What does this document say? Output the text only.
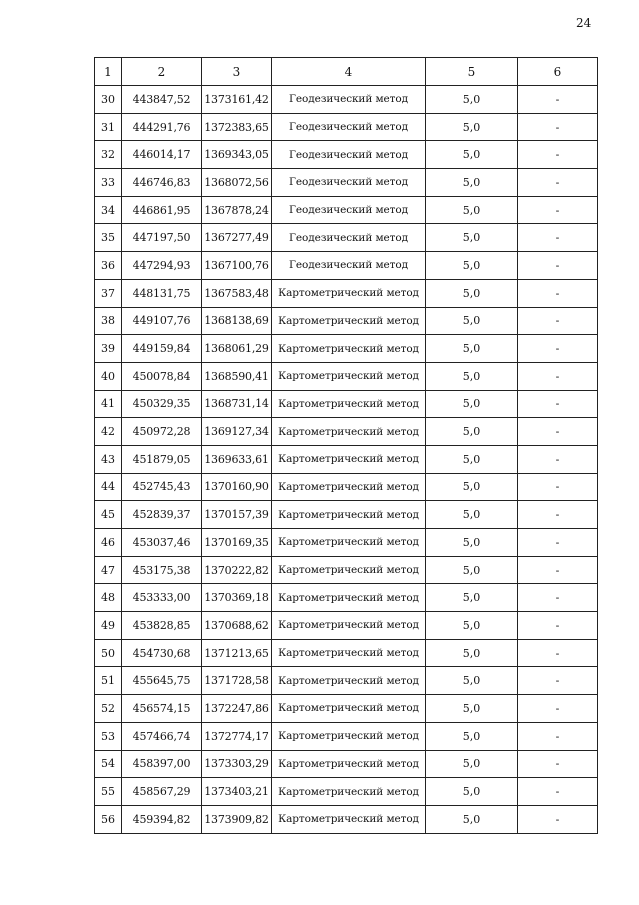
24
1	2	3	4	5	6
30	443847,52	1373161,42	Геодезический метод	5,0	-
31	444291,76	1372383,65	Геодезический метод	5,0	-
32	446014,17	1369343,05	Геодезический метод	5,0	-
33	446746,83	1368072,56	Геодезический метод	5,0	-
34	446861,95	1367878,24	Геодезический метод	5,0	-
35	447197,50	1367277,49	Геодезический метод	5,0	-
36	447294,93	1367100,76	Геодезический метод	5,0	-
37	448131,75	1367583,48	Картометрический метод	5,0	-
38	449107,76	1368138,69	Картометрический метод	5,0	-
39	449159,84	1368061,29	Картометрический метод	5,0	-
40	450078,84	1368590,41	Картометрический метод	5,0	-
41	450329,35	1368731,14	Картометрический метод	5,0	-
42	450972,28	1369127,34	Картометрический метод	5,0	-
43	451879,05	1369633,61	Картометрический метод	5,0	-
44	452745,43	1370160,90	Картометрический метод	5,0	-
45	452839,37	1370157,39	Картометрический метод	5,0	-
46	453037,46	1370169,35	Картометрический метод	5,0	-
47	453175,38	1370222,82	Картометрический метод	5,0	-
48	453333,00	1370369,18	Картометрический метод	5,0	-
49	453828,85	1370688,62	Картометрический метод	5,0	-
50	454730,68	1371213,65	Картометрический метод	5,0	-
51	455645,75	1371728,58	Картометрический метод	5,0	-
52	456574,15	1372247,86	Картометрический метод	5,0	-
53	457466,74	1372774,17	Картометрический метод	5,0	-
54	458397,00	1373303,29	Картометрический метод	5,0	-
55	458567,29	1373403,21	Картометрический метод	5,0	-
56	459394,82	1373909,82	Картометрический метод	5,0	-
